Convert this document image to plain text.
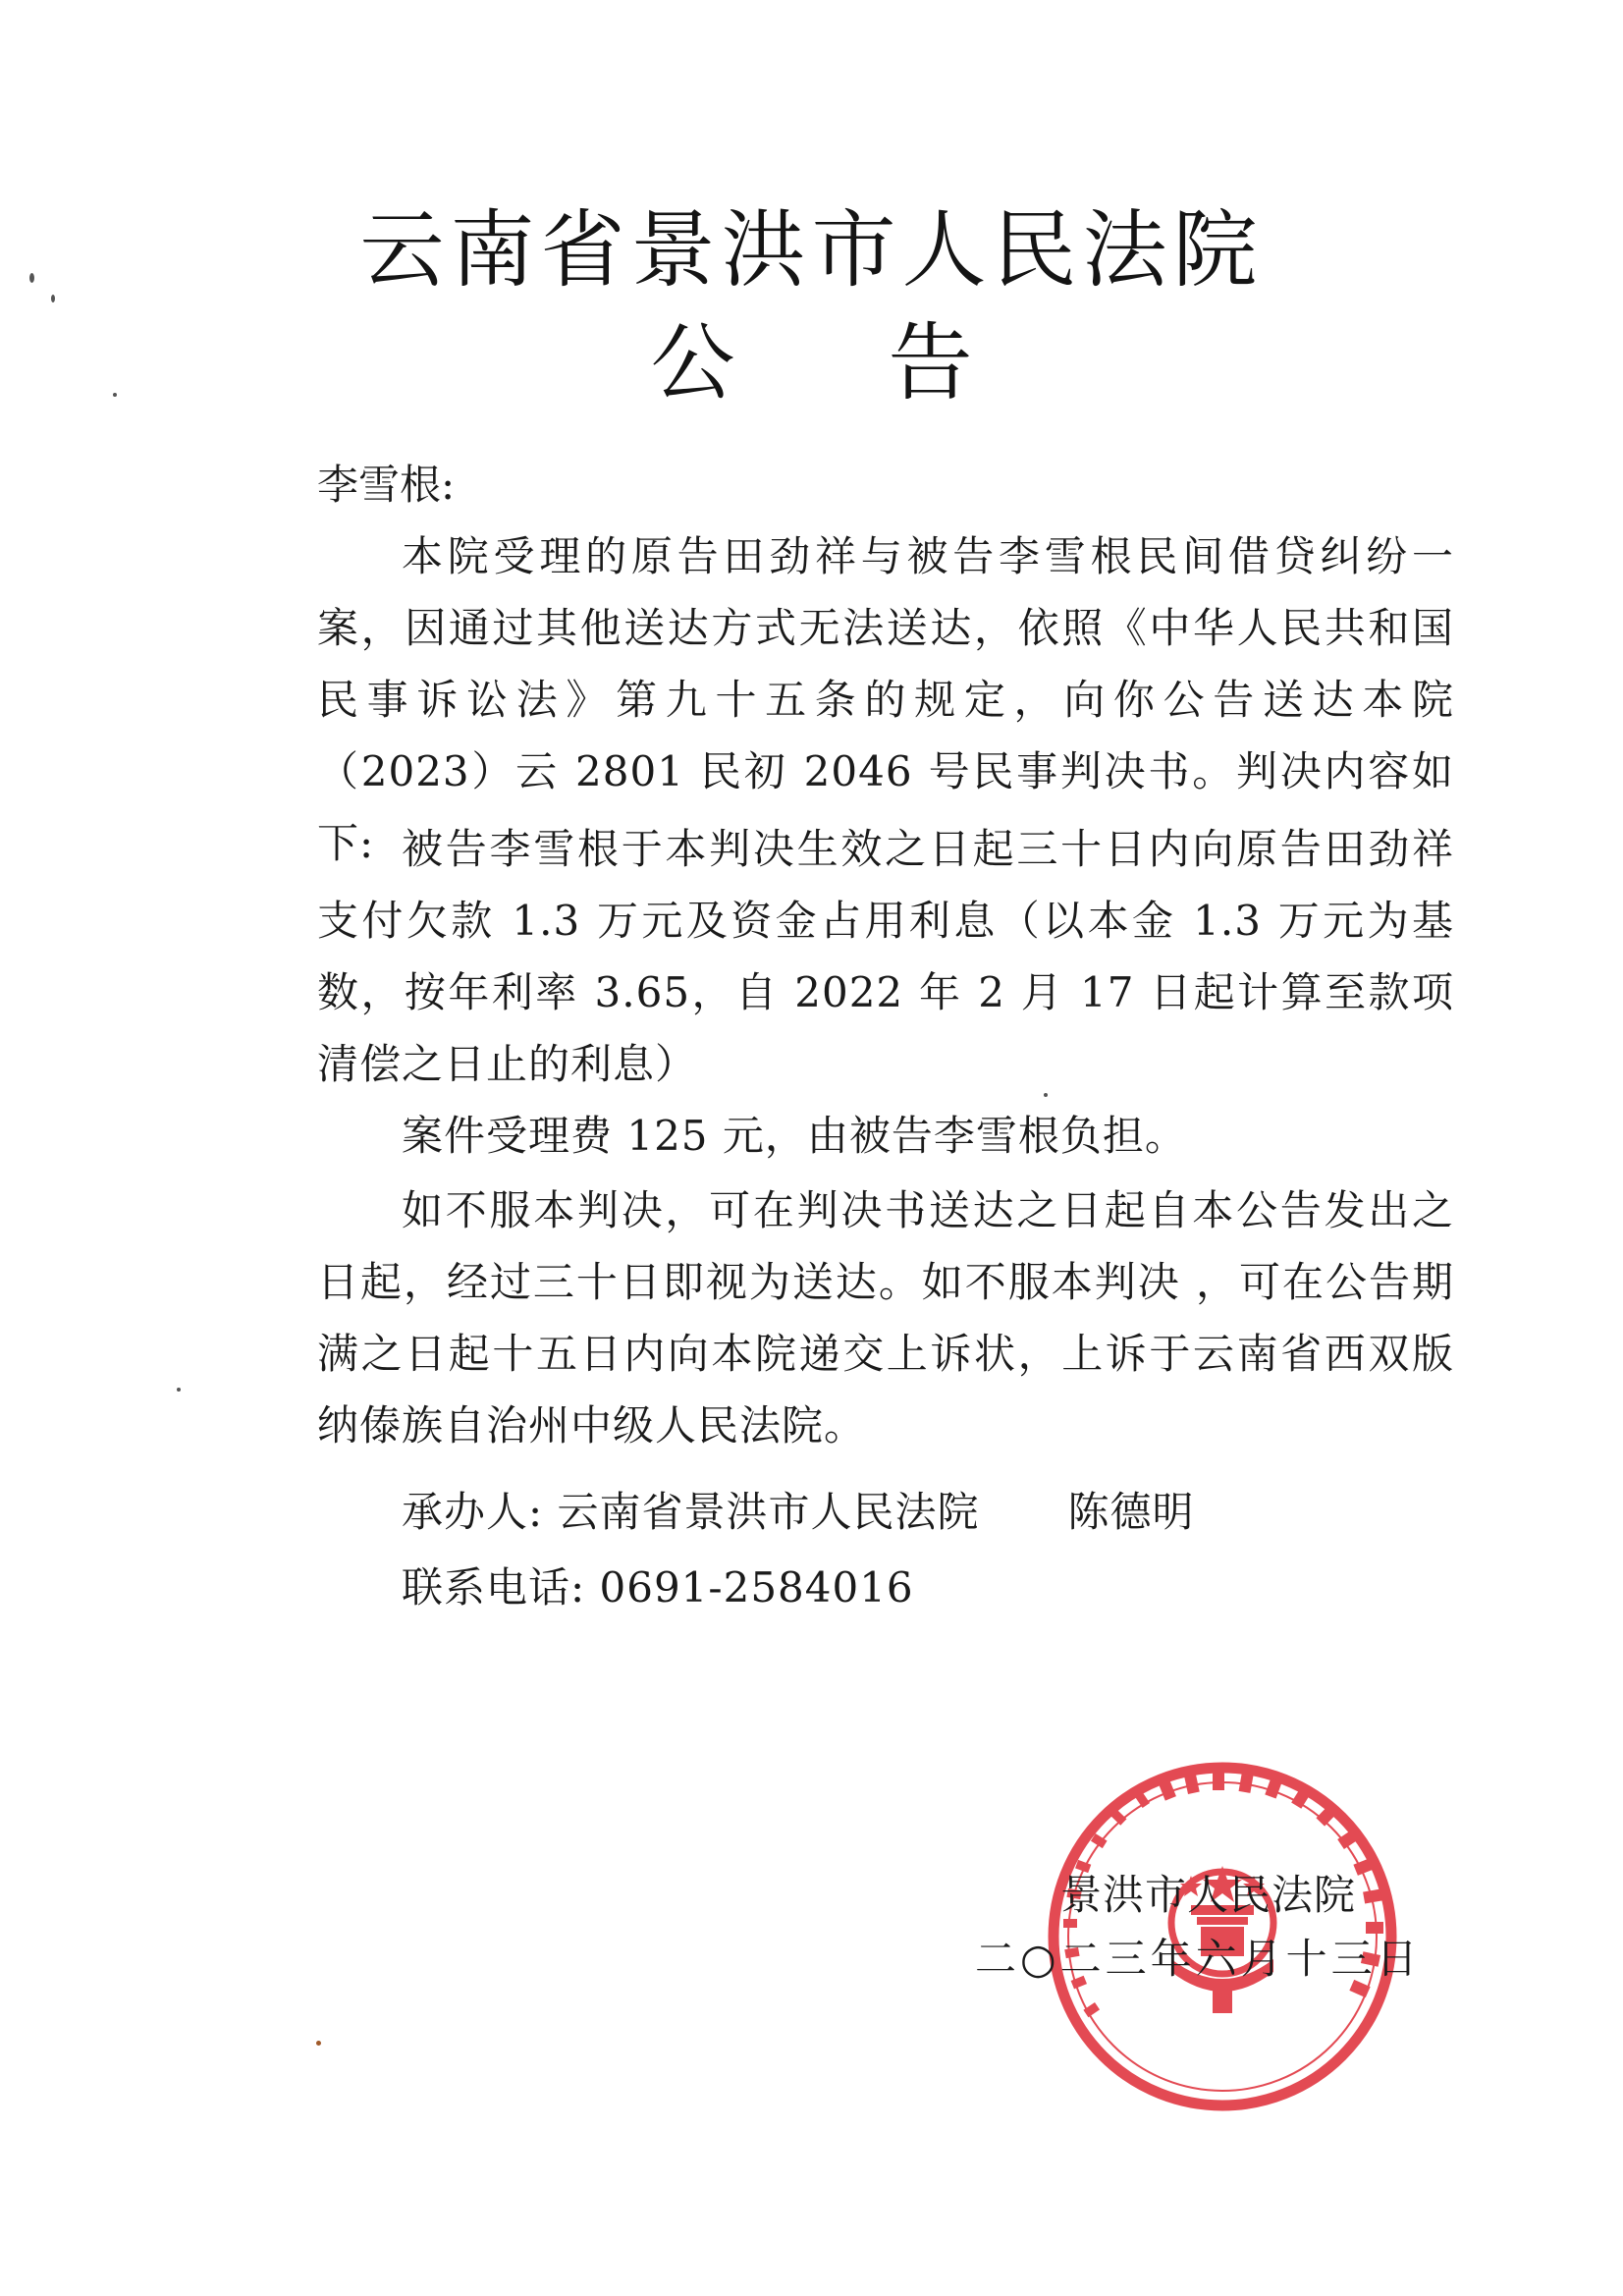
云南省景洪市人民法院
公 告
李雪根:
本院受理的原告田劲祥与被告李雪根民间借贷纠纷一案，因通过其他送达方式无法送达，依照《中华人民共和国民事诉讼法》第九十五条的规定，向你公告送达本院（2023）云 2801 民初 2046 号民事判决书。判决内容如下: 被告李雪根于本判决生效之日起三十日内向原告田劲祥支付欠款 1.3 万元及资金占用利息（以本金 1.3 万元为基数，按年利率 3.65，自 2022 年 2 月 17 日起计算至款项清偿之日止的利息）
案件受理费 125 元，由被告李雪根负担。
如不服本判决，可在判决书送达之日起自本公告发出之日起，经过三十日即视为送达。如不服本判决 ，可在公告期满之日起十五日内向本院递交上诉状，上诉于云南省西双版纳傣族自治州中级人民法院。
承办人: 云南省景洪市人民法院 陈德明
联系电话: 0691-2584016
景洪市人民法院
二○二三年六月十三日
